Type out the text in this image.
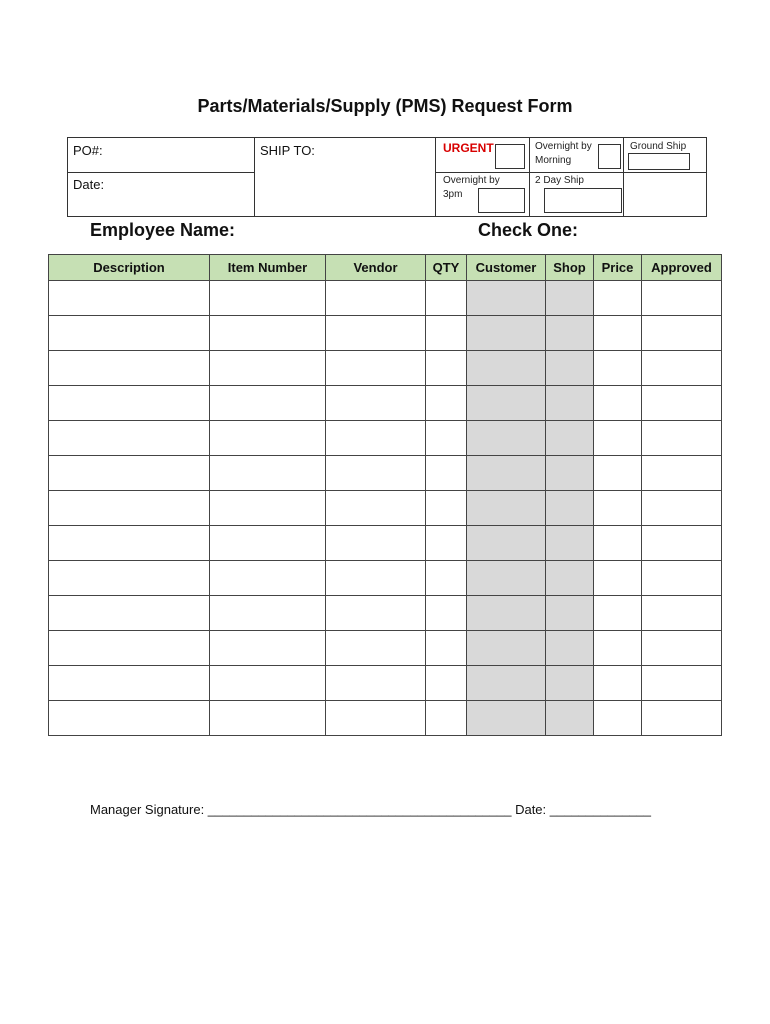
Parts/Materials/Supply (PMS) Request Form
PO#:
Date:
SHIP TO:	URGENT	Overnight by Morning
Ground Ship
Overnight by 3pm
2 Day Ship
Employee Name:	Check One:
Description	Item Number	Vendor	QTY	Customer	Shop	Price	Approved

Manager Signature: __________________________________________ Date: ______________
